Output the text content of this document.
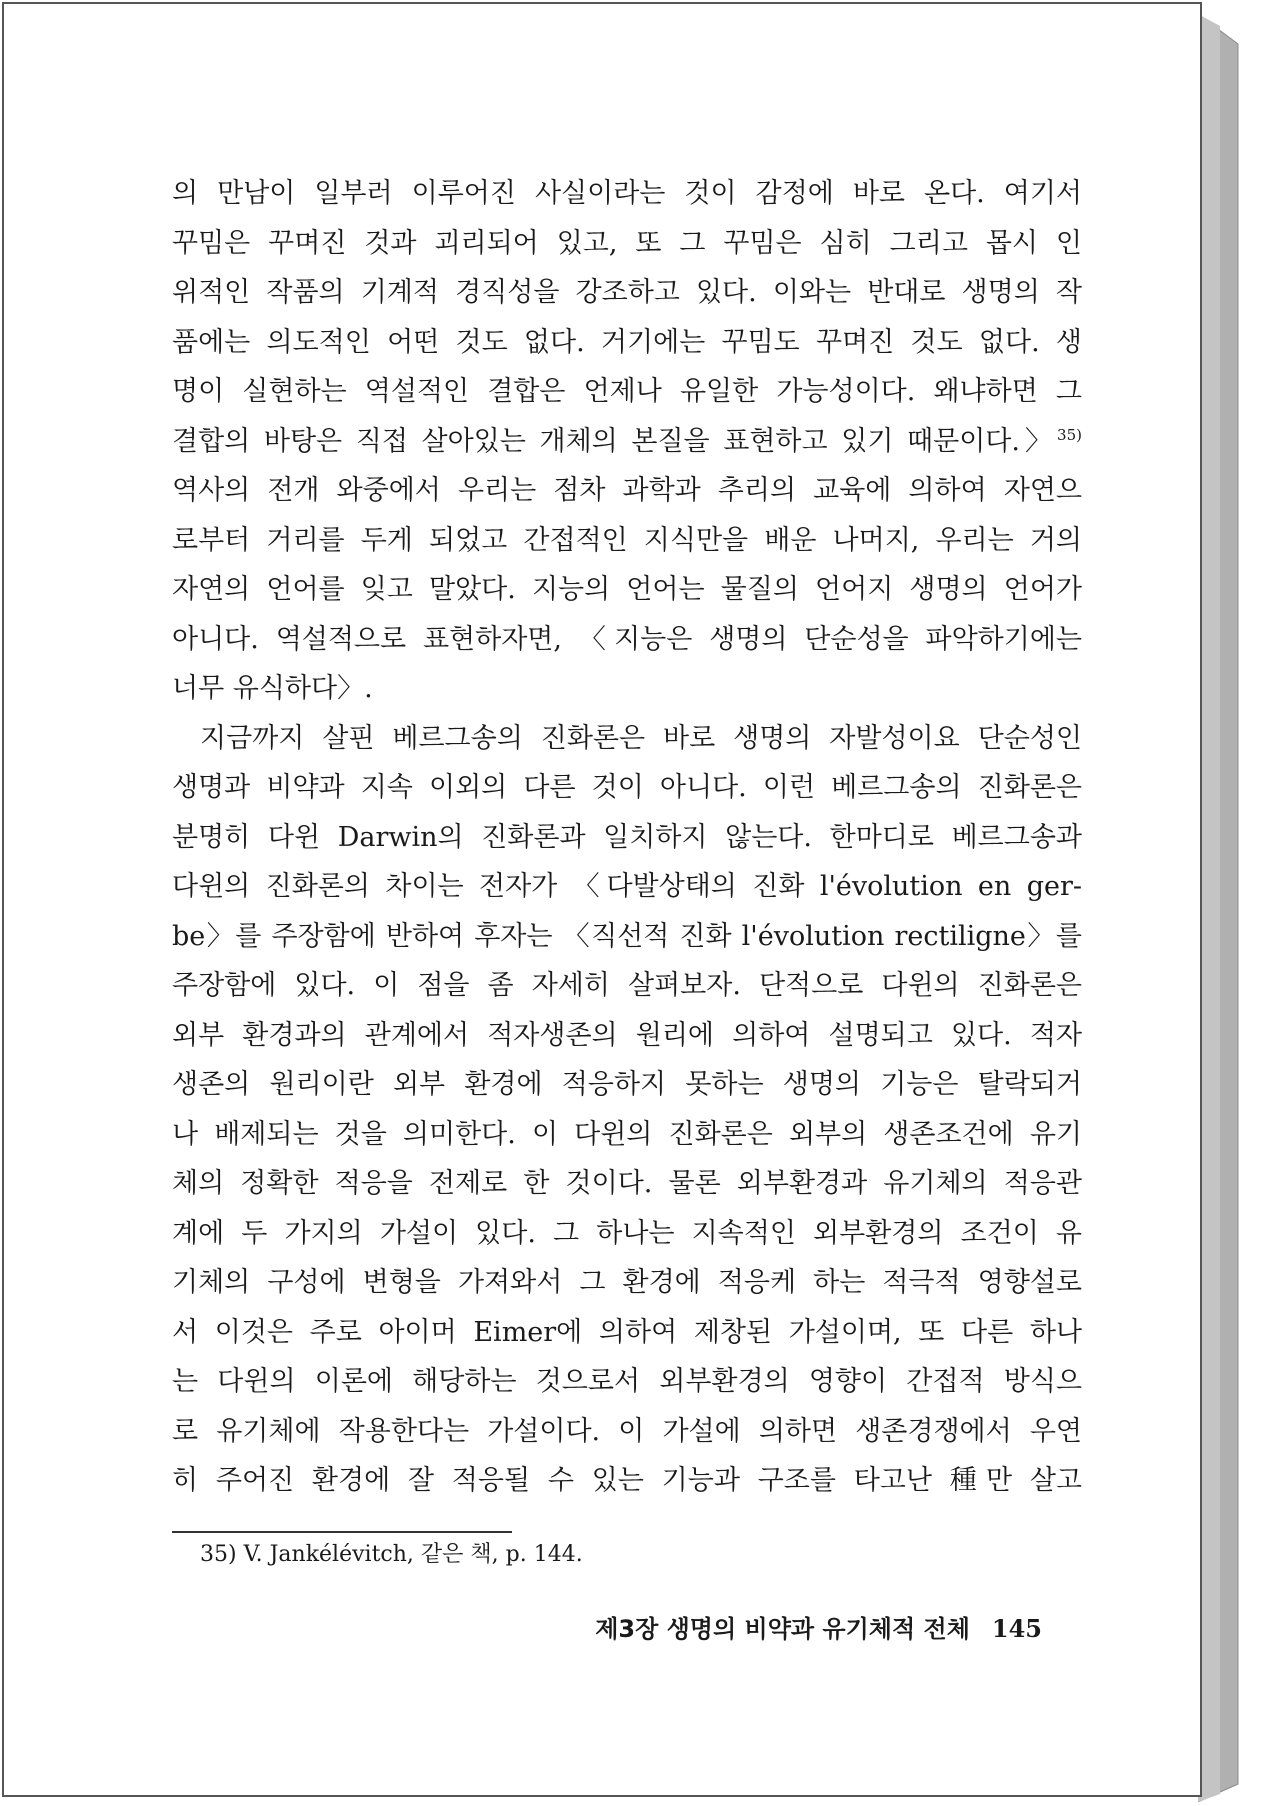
의 만남이 일부러 이루어진 사실이라는 것이 감정에 바로 온다. 여기서
꾸밈은 꾸며진 것과 괴리되어 있고, 또 그 꾸밈은 심히 그리고 몹시 인
위적인 작품의 기계적 경직성을 강조하고 있다. 이와는 반대로 생명의 작
품에는 의도적인 어떤 것도 없다. 거기에는 꾸밈도 꾸며진 것도 없다. 생
명이 실현하는 역설적인 결합은 언제나 유일한 가능성이다. 왜냐하면 그
결합의 바탕은 직접 살아있는 개체의 본질을 표현하고 있기 때문이다.〉$^{35)}$
역사의 전개 와중에서 우리는 점차 과학과 추리의 교육에 의하여 자연으
로부터 거리를 두게 되었고 간접적인 지식만을 배운 나머지, 우리는 거의
자연의 언어를 잊고 말았다. 지능의 언어는 물질의 언어지 생명의 언어가
아니다. 역설적으로 표현하자면, 〈지능은 생명의 단순성을 파악하기에는
너무 유식하다〉.
지금까지 살핀 베르그송의 진화론은 바로 생명의 자발성이요 단순성인
생명과 비약과 지속 이외의 다른 것이 아니다. 이런 베르그송의 진화론은
분명히 다윈 Darwin의 진화론과 일치하지 않는다. 한마디로 베르그송과
다윈의 진화론의 차이는 전자가 〈다발상태의 진화 l'évolution en ger-
be〉를 주장함에 반하여 후자는 〈직선적 진화 l'évolution rectiligne〉를
주장함에 있다. 이 점을 좀 자세히 살펴보자. 단적으로 다윈의 진화론은
외부 환경과의 관계에서 적자생존의 원리에 의하여 설명되고 있다. 적자
생존의 원리이란 외부 환경에 적응하지 못하는 생명의 기능은 탈락되거
나 배제되는 것을 의미한다. 이 다윈의 진화론은 외부의 생존조건에 유기
체의 정확한 적응을 전제로 한 것이다. 물론 외부환경과 유기체의 적응관
계에 두 가지의 가설이 있다. 그 하나는 지속적인 외부환경의 조건이 유
기체의 구성에 변형을 가져와서 그 환경에 적응케 하는 적극적 영향설로
서 이것은 주로 아이머 Eimer에 의하여 제창된 가설이며, 또 다른 하나
는 다윈의 이론에 해당하는 것으로서 외부환경의 영향이 간접적 방식으
로 유기체에 작용한다는 가설이다. 이 가설에 의하면 생존경쟁에서 우연
히 주어진 환경에 잘 적응될 수 있는 기능과 구조를 타고난 種만 살고
35) V. Jankélévitch, 같은 책, p. 144.
제3장 생명의 비약과 유기체적 전체 145
